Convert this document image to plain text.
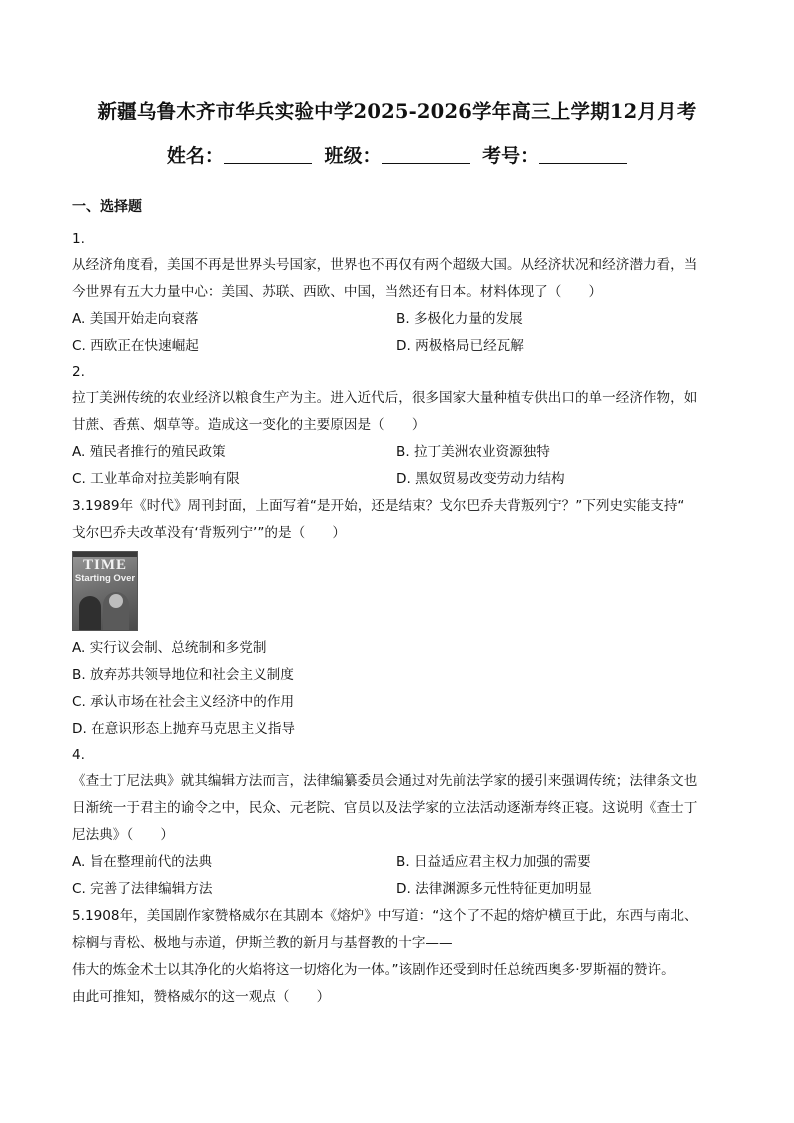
新疆乌鲁木齐市华兵实验中学2025-2026学年高三上学期12月月考
姓名：	班级：	考号：
一、选择题
1.
从经济角度看，美国不再是世界头号国家，世界也不再仅有两个超级大国。从经济状况和经济潜力看，当
今世界有五大力量中心：美国、苏联、西欧、中国，当然还有日本。材料体现了（　　）
A. 美国开始走向衰落	B. 多极化力量的发展
C. 西欧正在快速崛起	D. 两极格局已经瓦解
2.
拉丁美洲传统的农业经济以粮食生产为主。进入近代后，很多国家大量种植专供出口的单一经济作物，如
甘蔗、香蕉、烟草等。造成这一变化的主要原因是（　　）
A. 殖民者推行的殖民政策	B. 拉丁美洲农业资源独特
C. 工业革命对拉美影响有限	D. 黑奴贸易改变劳动力结构
3.1989年《时代》周刊封面，上面写着“是开始，还是结束？戈尔巴乔夫背叛列宁？”下列史实能支持“
戈尔巴乔夫改革没有‘背叛列宁’”的是（　　）
TIME
Starting Over
A. 实行议会制、总统制和多党制
B. 放弃苏共领导地位和社会主义制度
C. 承认市场在社会主义经济中的作用
D. 在意识形态上抛弃马克思主义指导
4.
《查士丁尼法典》就其编辑方法而言，法律编纂委员会通过对先前法学家的援引来强调传统；法律条文也
日渐统一于君主的谕令之中，民众、元老院、官员以及法学家的立法活动逐渐寿终正寝。这说明《查士丁
尼法典》（　　）
A. 旨在整理前代的法典	B. 日益适应君主权力加强的需要
C. 完善了法律编辑方法	D. 法律渊源多元性特征更加明显
5.1908年，美国剧作家赞格威尔在其剧本《熔炉》中写道：“这个了不起的熔炉横亘于此，东西与南北、
棕榈与青松、极地与赤道，伊斯兰教的新月与基督教的十字——
伟大的炼金术士以其净化的火焰将这一切熔化为一体。”该剧作还受到时任总统西奥多·罗斯福的赞许。
由此可推知，赞格威尔的这一观点（　　）
